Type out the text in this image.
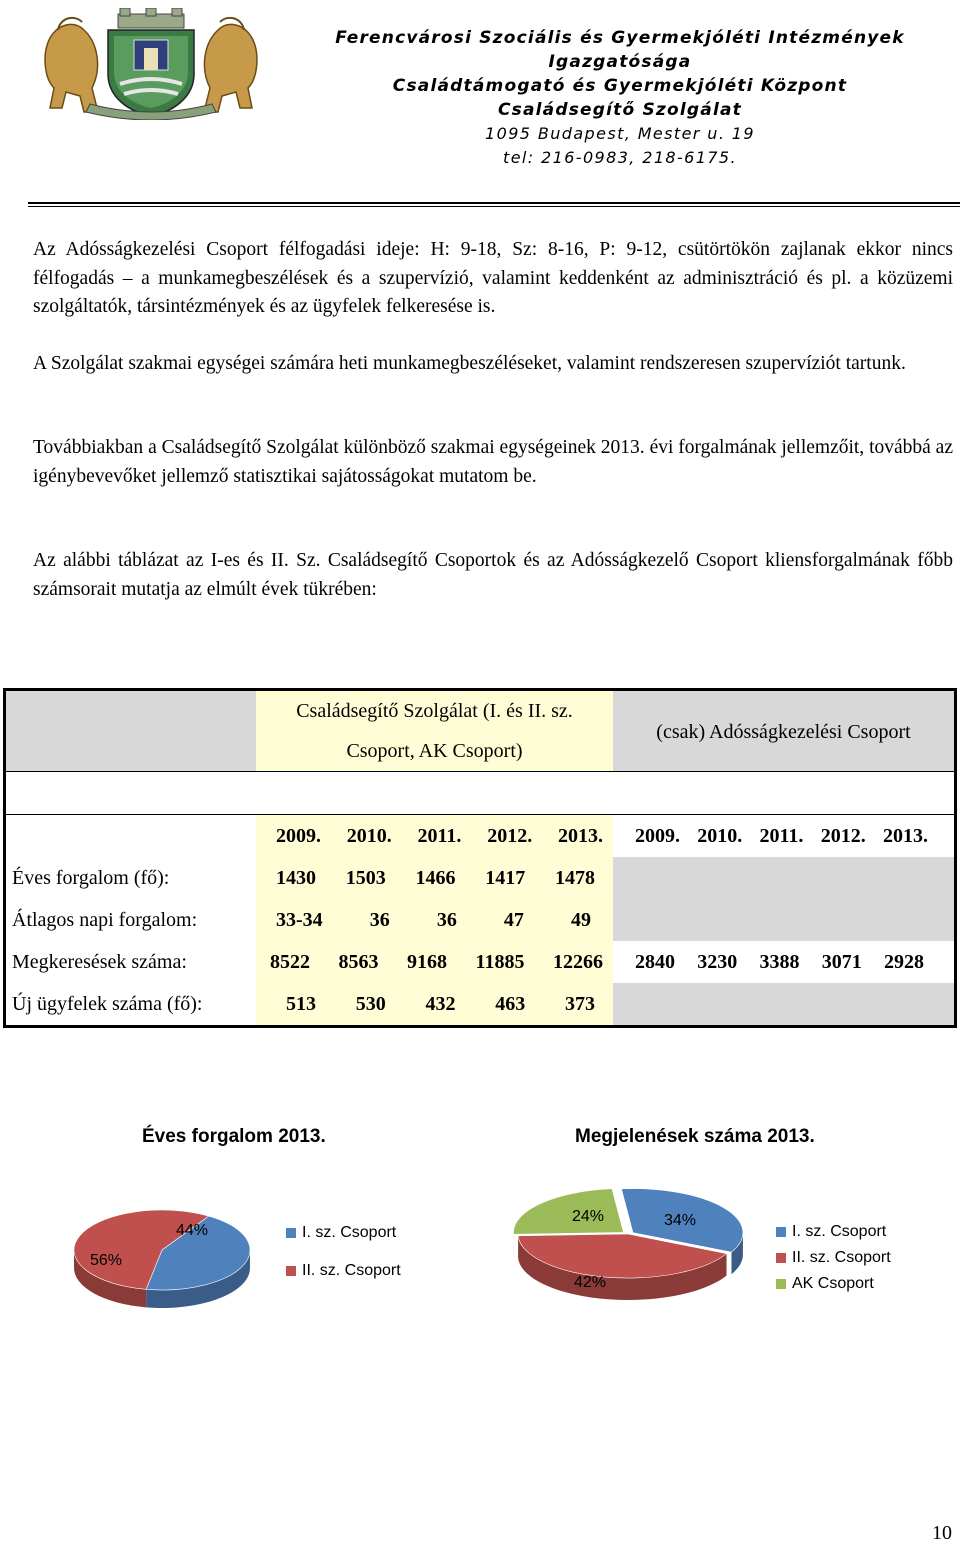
Ferencvárosi Szociális és Gyermekjóléti Intézmények
Igazgatósága
Családtámogató és Gyermekjóléti Központ
Családsegítő Szolgálat
1095 Budapest, Mester u. 19
tel: 216-0983, 218-6175.
Az Adósságkezelési Csoport félfogadási ideje: H: 9-18, Sz: 8-16, P: 9-12, csütörtökön zajlanak ekkor nincs félfogadás – a munkamegbeszélések és a szupervízió, valamint keddenként az adminisztráció és pl. a közüzemi szolgáltatók, társintézmények és az ügyfelek felkeresése is.
A Szolgálat szakmai egységei számára heti munkamegbeszéléseket, valamint rendszeresen szupervíziót tartunk.
Továbbiakban a Családsegítő Szolgálat különböző szakmai egységeinek 2013. évi forgalmának jellemzőit, továbbá az igénybevevőket jellemző statisztikai sajátosságokat mutatom be.
Az alábbi táblázat az I-es és II. Sz. Családsegítő Csoportok és az Adósságkezelő Csoport kliensforgalmának főbb számsorait mutatja az elmúlt évek tükrében:

	Családsegítő Szolgálat (I. és II. sz. Csoport, AK Csoport)	(csak) Adósságkezelési Csoport

	2009. 2010. 2011. 2012. 2013.	2009. 2010. 2011. 2012. 2013.

Éves forgalom (fő):	1430 1503 1466 1417 1478	

Átlagos napi forgalom:	33-34 36 36 47 49	

Megkeresések száma:	8522 8563 9168 11885 12266	2840 3230 3388 3071 2928

Új ügyfelek száma (fő):	513 530 432 463 373	

Éves forgalom 2013.
44%
56%
I. sz. Csoport
II. sz. Csoport
Megjelenések száma 2013.
24%	34%
42%
I. sz. Csoport
II. sz. Csoport
AK Csoport
10
